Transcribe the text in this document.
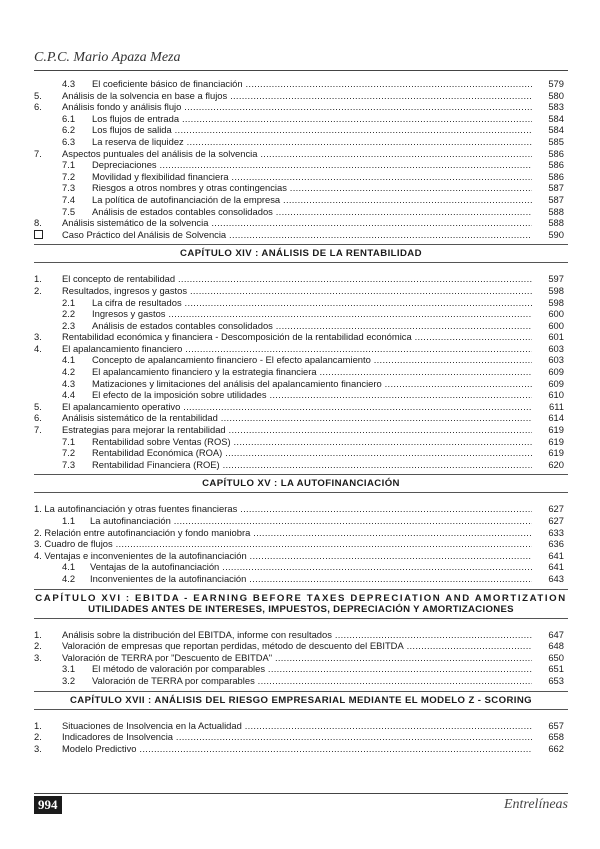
C.P.C. Mario Apaza Meza
4.3 El coeficiente básico de financiación .....	579
5. Análisis de la solvencia en base a flujos .....	580
6. Análisis fondo y análisis flujo .....	583
6.1 Los flujos de entrada .....	584
6.2 Los flujos de salida .....	584
6.3 La reserva de liquidez .....	585
7. Aspectos puntuales del análisis de la solvencia .....	586
7.1 Depreciaciones .....	586
7.2 Movilidad y flexibilidad financiera .....	586
7.3 Riesgos a otros nombres y otras contingencias .....	587
7.4 La política de autofinanciación de la empresa .....	587
7.5 Análisis de estados contables consolidados .....	588
8. Análisis sistemático de la solvencia .....	588
Caso Práctico del Análisis de Solvencia .....	590
CAPÍTULO XIV : ANÁLISIS DE LA RENTABILIDAD
1. El concepto de rentabilidad .....	597
2. Resultados, ingresos y gastos .....	598
2.1 La cifra de resultados .....	598
2.2 Ingresos y gastos .....	600
2.3 Análisis de estados contables consolidados .....	600
3. Rentabilidad económica y financiera - Descomposición de la rentabilidad económica .....	601
4. El apalancamiento financiero .....	603
4.1 Concepto de apalancamiento financiero - El efecto apalancamiento .....	603
4.2 El apalancamiento financiero y la estrategia financiera .....	609
4.3 Matizaciones y limitaciones del análisis del apalancamiento financiero .....	609
4.4 El efecto de la imposición sobre utilidades .....	610
5. El apalancamiento operativo .....	611
6. Análisis sistemático de la rentabilidad .....	614
7. Estrategias para mejorar la rentabilidad .....	619
7.1 Rentabilidad sobre Ventas (ROS) .....	619
7.2 Rentabilidad Económica (ROA) .....	619
7.3 Rentabilidad Financiera (ROE) .....	620
CAPÍTULO XV : LA AUTOFINANCIACIÓN
1. La autofinanciación y otras fuentes financieras .....	627
1.1 La autofinanciación .....	627
2. Relación entre autofinanciación y fondo maniobra .....	633
3. Cuadro de flujos .....	636
4. Ventajas e inconvenientes de la autofinanciación .....	641
4.1 Ventajas de la autofinanciación .....	641
4.2 Inconvenientes de la autofinanciación .....	643
CAPÍTULO XVI : EBITDA - EARNING BEFORE TAXES DEPRECIATION AND AMORTIZATION
UTILIDADES ANTES DE INTERESES, IMPUESTOS, DEPRECIACIÓN Y AMORTIZACIONES
1. Análisis sobre la distribución del EBITDA, informe con resultados .....	647
2. Valoración de empresas que reportan perdidas, método de descuento del EBITDA .....	648
3. Valoración de TERRA por "Descuento de EBITDA" .....	650
3.1 El método de valoración por comparables .....	651
3.2 Valoración de TERRA por comparables .....	653
CAPÍTULO XVII : ANÁLISIS DEL RIESGO EMPRESARIAL MEDIANTE EL MODELO Z - SCORING
1. Situaciones de Insolvencia en la Actualidad .....	657
2. Indicadores de Insolvencia .....	658
3. Modelo Predictivo .....	662
994	Entrelíneas
